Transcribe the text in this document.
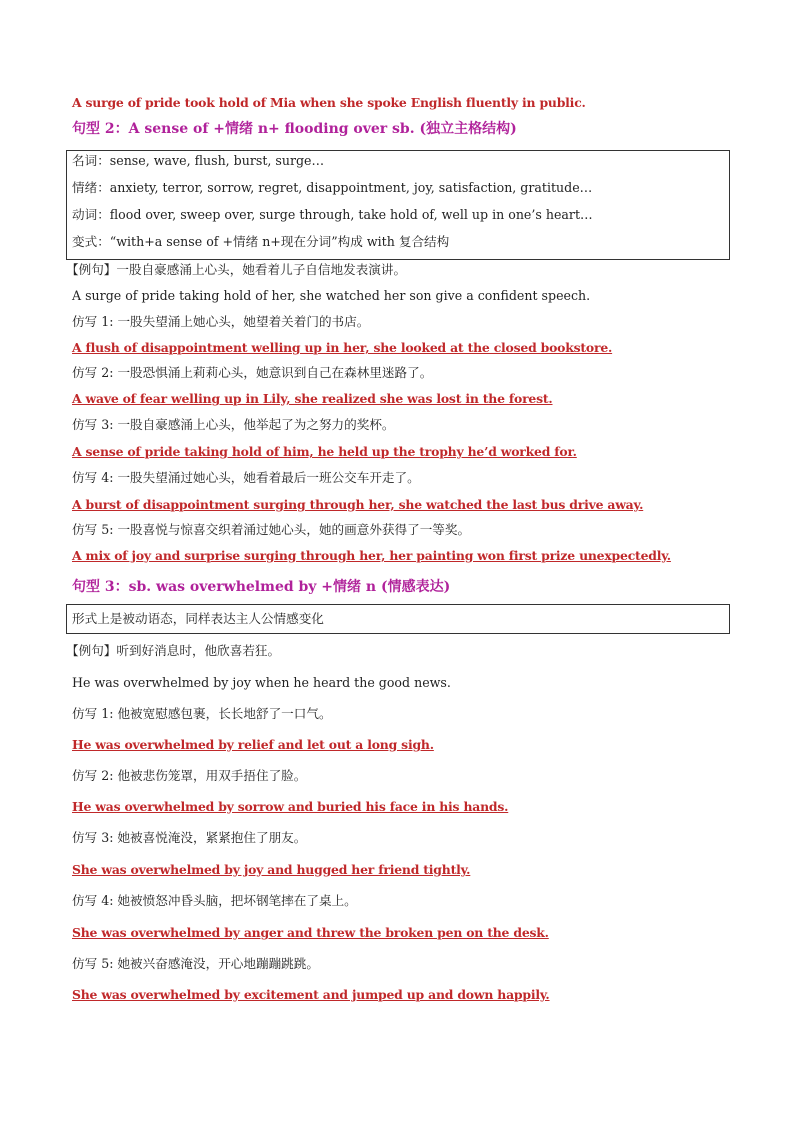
A surge of pride took hold of Mia when she spoke English fluently in public.
句型 2：A sense of +情绪 n+ flooding over sb. (独立主格结构)
名词：sense, wave, flush, burst, surge…
情绪：anxiety, terror, sorrow, regret, disappointment, joy, satisfaction, gratitude…
动词：flood over, sweep over, surge through, take hold of, well up in one’s heart…
变式：“with+a sense of +情绪 n+现在分词”构成 with 复合结构
【例句】一股自豪感涌上心头，她看着儿子自信地发表演讲。
A surge of pride taking hold of her, she watched her son give a confident speech.
仿写 1: 一股失望涌上她心头，她望着关着门的书店。
A flush of disappointment welling up in her, she looked at the closed bookstore.
仿写 2: 一股恐惧涌上莉莉心头，她意识到自己在森林里迷路了。
A wave of fear welling up in Lily, she realized she was lost in the forest.
仿写 3: 一股自豪感涌上心头，他举起了为之努力的奖杯。
A sense of pride taking hold of him, he held up the trophy he’d worked for.
仿写 4: 一股失望涌过她心头，她看着最后一班公交车开走了。
A burst of disappointment surging through her, she watched the last bus drive away.
仿写 5: 一股喜悦与惊喜交织着涌过她心头，她的画意外获得了一等奖。
A mix of joy and surprise surging through her, her painting won first prize unexpectedly.
句型 3：sb. was overwhelmed by +情绪 n (情感表达)
形式上是被动语态，同样表达主人公情感变化
【例句】听到好消息时，他欣喜若狂。
He was overwhelmed by joy when he heard the good news.
仿写 1: 他被宽慰感包裹，长长地舒了一口气。
He was overwhelmed by relief and let out a long sigh.
仿写 2: 他被悲伤笼罩，用双手捂住了脸。
He was overwhelmed by sorrow and buried his face in his hands.
仿写 3: 她被喜悦淹没，紧紧抱住了朋友。
She was overwhelmed by joy and hugged her friend tightly.
仿写 4: 她被愤怒冲昏头脑，把坏钢笔摔在了桌上。
She was overwhelmed by anger and threw the broken pen on the desk.
仿写 5: 她被兴奋感淹没，开心地蹦蹦跳跳。
She was overwhelmed by excitement and jumped up and down happily.
